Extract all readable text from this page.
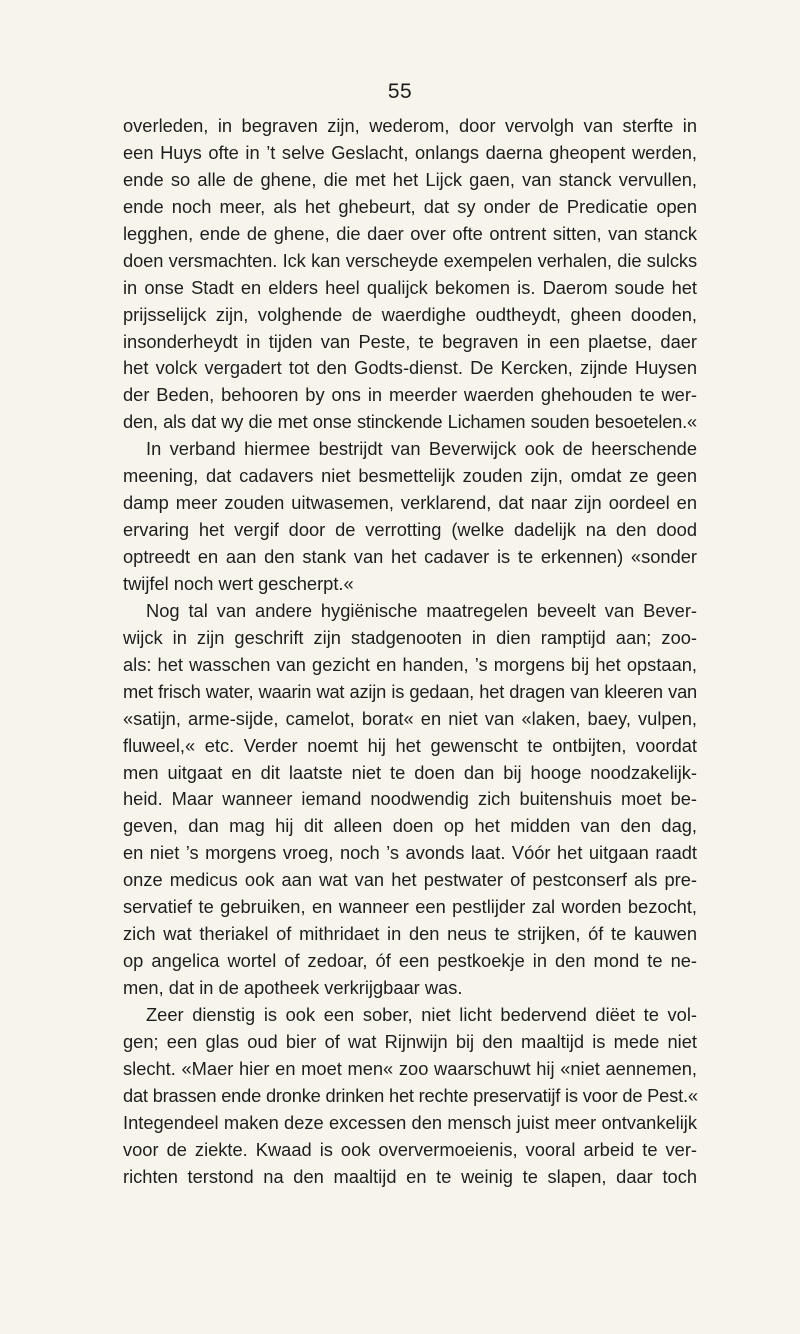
55
overleden, in begraven zijn, wederom, door vervolgh van sterfte in
een Huys ofte in ’t selve Geslacht, onlangs daerna gheopent werden,
ende so alle de ghene, die met het Lijck gaen, van stanck vervullen,
ende noch meer, als het ghebeurt, dat sy onder de Predicatie open
legghen, ende de ghene, die daer over ofte ontrent sitten, van stanck
doen versmachten. Ick kan verscheyde exempelen verhalen, die sulcks
in onse Stadt en elders heel qualijck bekomen is. Daerom soude het
prijsselijck zijn, volghende de waerdighe oudtheydt, gheen dooden,
insonderheydt in tijden van Peste, te begraven in een plaetse, daer
het volck vergadert tot den Godts-dienst. De Kercken, zijnde Huysen
der Beden, behooren by ons in meerder waerden ghehouden te wer-
den, als dat wy die met onse stinckende Lichamen souden besoetelen.«
In verband hiermee bestrijdt van Beverwijck ook de heerschende
meening, dat cadavers niet besmettelijk zouden zijn, omdat ze geen
damp meer zouden uitwasemen, verklarend, dat naar zijn oordeel en
ervaring het vergif door de verrotting (welke dadelijk na den dood
optreedt en aan den stank van het cadaver is te erkennen) «sonder
twijfel noch wert gescherpt.«
Nog tal van andere hygiënische maatregelen beveelt van Bever-
wijck in zijn geschrift zijn stadgenooten in dien ramptijd aan; zoo-
als: het wasschen van gezicht en handen, ’s morgens bij het opstaan,
met frisch water, waarin wat azijn is gedaan, het dragen van kleeren van
«satijn, arme-sijde, camelot, borat« en niet van «laken, baey, vulpen,
fluweel,« etc. Verder noemt hij het gewenscht te ontbijten, voordat
men uitgaat en dit laatste niet te doen dan bij hooge noodzakelijk-
heid. Maar wanneer iemand noodwendig zich buitenshuis moet be-
geven, dan mag hij dit alleen doen op het midden van den dag,
en niet ’s morgens vroeg, noch ’s avonds laat. Vóór het uitgaan raadt
onze medicus ook aan wat van het pestwater of pestconserf als pre-
servatief te gebruiken, en wanneer een pestlijder zal worden bezocht,
zich wat theriakel of mithridaet in den neus te strijken, óf te kauwen
op angelica wortel of zedoar, óf een pestkoekje in den mond te ne-
men, dat in de apotheek verkrijgbaar was.
Zeer dienstig is ook een sober, niet licht bedervend diëet te vol-
gen; een glas oud bier of wat Rijnwijn bij den maaltijd is mede niet
slecht. «Maer hier en moet men« zoo waarschuwt hij «niet aennemen,
dat brassen ende dronke drinken het rechte preservatijf is voor de Pest.«
Integendeel maken deze excessen den mensch juist meer ontvankelijk
voor de ziekte. Kwaad is ook oververmoeienis, vooral arbeid te ver-
richten terstond na den maaltijd en te weinig te slapen, daar toch
